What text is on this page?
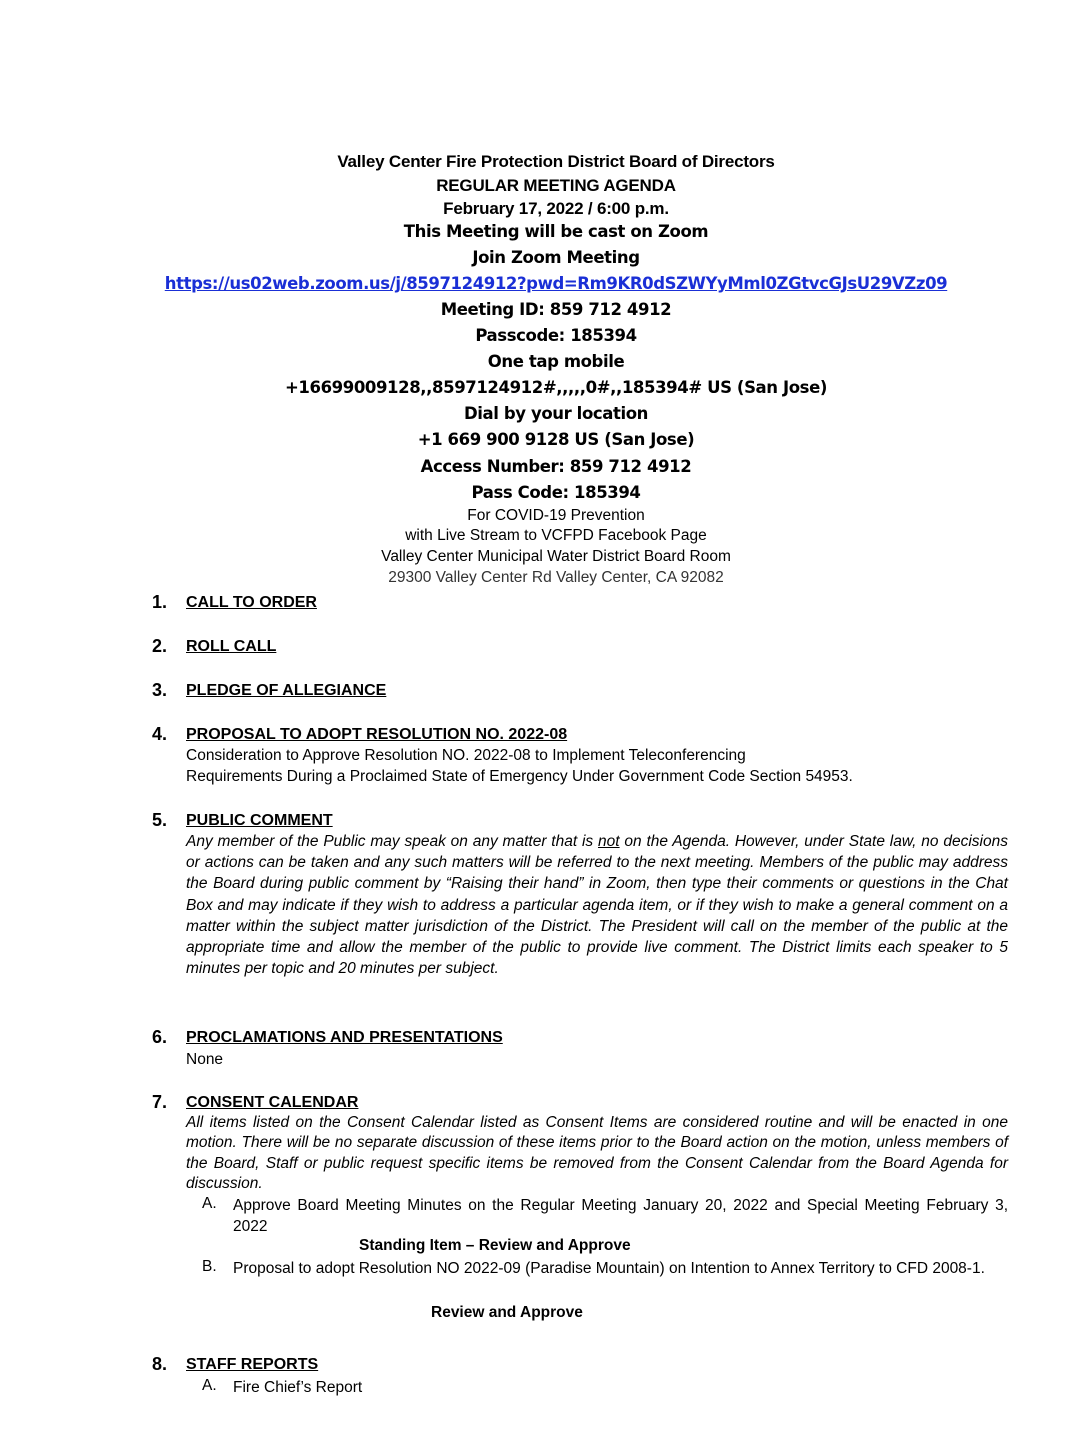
Valley Center Fire Protection District Board of Directors
REGULAR MEETING AGENDA
February 17, 2022 / 6:00 p.m.
This Meeting will be cast on Zoom
Join Zoom Meeting
https://us02web.zoom.us/j/8597124912?pwd=Rm9KR0dSZWYyMml0ZGtvcGJsU29VZz09
Meeting ID: 859 712 4912
Passcode: 185394
One tap mobile
+16699009128,,8597124912#,,,,,0#,,185394# US (San Jose)
Dial by your location
+1 669 900 9128 US (San Jose)
Access Number: 859 712 4912
Pass Code: 185394
For COVID-19 Prevention
with Live Stream to VCFPD Facebook Page
Valley Center Municipal Water District Board Room
29300 Valley Center Rd Valley Center, CA 92082
1. CALL TO ORDER
2. ROLL CALL
3. PLEDGE OF ALLEGIANCE
4. PROPOSAL TO ADOPT RESOLUTION NO. 2022-08
Consideration to Approve Resolution NO. 2022-08 to Implement Teleconferencing
Requirements During a Proclaimed State of Emergency Under Government Code Section 54953.
5. PUBLIC COMMENT
Any member of the Public may speak on any matter that is not on the Agenda. However, under State law, no decisions or actions can be taken and any such matters will be referred to the next meeting. Members of the public may address the Board during public comment by “Raising their hand” in Zoom, then type their comments or questions in the Chat Box and may indicate if they wish to address a particular agenda item, or if they wish to make a general comment on a matter within the subject matter jurisdiction of the District. The President will call on the member of the public at the appropriate time and allow the member of the public to provide live comment. The District limits each speaker to 5 minutes per topic and 20 minutes per subject.
6. PROCLAMATIONS AND PRESENTATIONS
None
7. CONSENT CALENDAR
All items listed on the Consent Calendar listed as Consent Items are considered routine and will be enacted in one motion. There will be no separate discussion of these items prior to the Board action on the motion, unless members of the Board, Staff or public request specific items be removed from the Consent Calendar from the Board Agenda for discussion.
A. Approve Board Meeting Minutes on the Regular Meeting January 20, 2022 and Special Meeting February 3, 2022
Standing Item – Review and Approve
B. Proposal to adopt Resolution NO 2022-09 (Paradise Mountain) on Intention to Annex Territory to CFD 2008-1.
Review and Approve
8. STAFF REPORTS
A. Fire Chief’s Report
